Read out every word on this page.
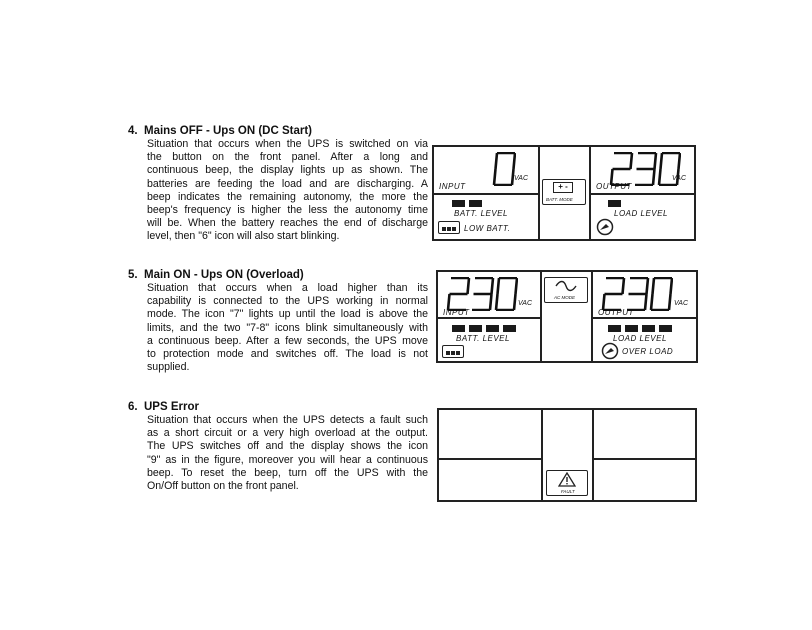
4. Mains OFF - Ups ON (DC Start)
Situation that occurs when the UPS is switched on via
the button on the front panel. After a long and
continuous beep, the display lights up as shown. The
batteries are feeding the load and are discharging. A
beep indicates the remaining autonomy, the more the
beep's frequency is higher the less the autonomy time
will be. When the battery reaches the end of discharge
level, then "6" icon will also start blinking.
5. Main ON - Ups ON (Overload)
Situation that occurs when a load higher than its
capability is connected to the UPS working in normal
mode. The icon "7" lights up until the load is above the
limits, and the two "7-8" icons blink simultaneously with
a continuous beep. After a few seconds, the UPS move
to protection mode and switches off. The load is not
supplied.
6. UPS Error
Situation that occurs when the UPS detects a fault such
as a short circuit or a very high overload at the output.
The UPS switches off and the display shows the icon
"9" as in the figure, moreover you will hear a continuous
beep. To reset the beep, turn off the UPS with the
On/Off button on the front panel.
VAC
INPUT	+ -
BATT. MODE
VAC
OUTPUT
BATT. LEVEL
LOW BATT.
LOAD LEVEL
VAC
INPUT
AC MODE
VAC
OUTPUT
BATT. LEVEL	LOAD LEVEL
OVER LOAD
FAULT
